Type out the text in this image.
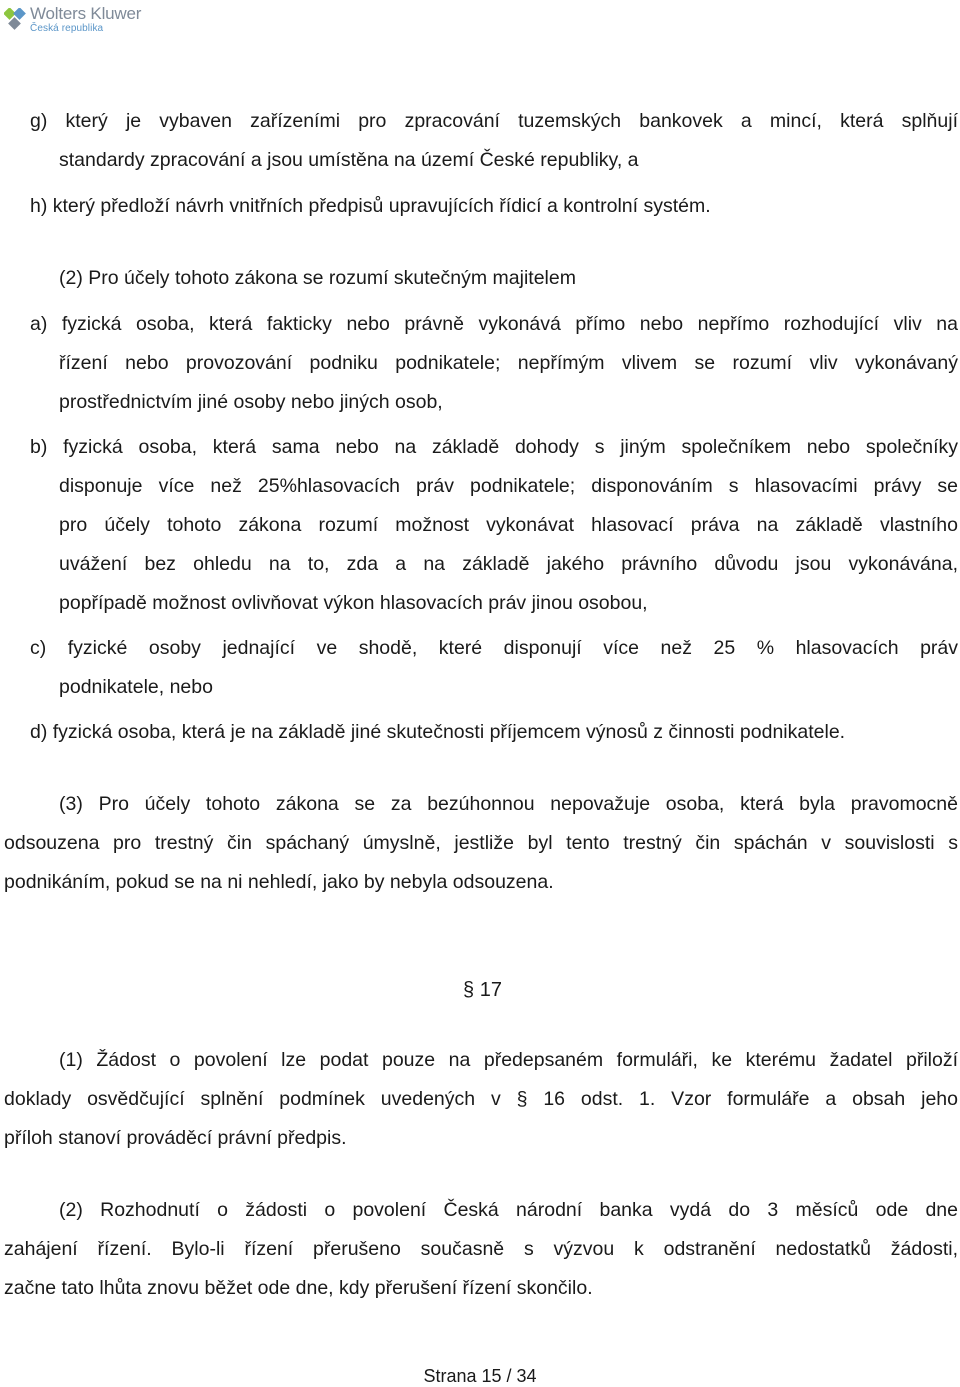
Wolters Kluwer
Česká republika
g) který je vybaven zařízeními pro zpracování tuzemských bankovek a mincí, která splňují
standardy zpracování a jsou umístěna na území České republiky, a
h) který předloží návrh vnitřních předpisů upravujících řídicí a kontrolní systém.
(2) Pro účely tohoto zákona se rozumí skutečným majitelem
a) fyzická osoba, která fakticky nebo právně vykonává přímo nebo nepřímo rozhodující vliv na
řízení nebo provozování podniku podnikatele; nepřímým vlivem se rozumí vliv vykonávaný
prostřednictvím jiné osoby nebo jiných osob,
b) fyzická osoba, která sama nebo na základě dohody s jiným společníkem nebo společníky
disponuje více než 25%hlasovacích práv podnikatele; disponováním s hlasovacími právy se
pro účely tohoto zákona rozumí možnost vykonávat hlasovací práva na základě vlastního
uvážení bez ohledu na to, zda a na základě jakého právního důvodu jsou vykonávána,
popřípadě možnost ovlivňovat výkon hlasovacích práv jinou osobou,
c) fyzické osoby jednající ve shodě, které disponují více než 25 % hlasovacích práv
podnikatele, nebo
d) fyzická osoba, která je na základě jiné skutečnosti příjemcem výnosů z činnosti podnikatele.
(3) Pro účely tohoto zákona se za bezúhonnou nepovažuje osoba, která byla pravomocně
odsouzena pro trestný čin spáchaný úmyslně, jestliže byl tento trestný čin spáchán v souvislosti s
podnikáním, pokud se na ni nehledí, jako by nebyla odsouzena.
§ 17
(1) Žádost o povolení lze podat pouze na předepsaném formuláři, ke kterému žadatel přiloží
doklady osvědčující splnění podmínek uvedených v § 16 odst. 1. Vzor formuláře a obsah jeho
příloh stanoví prováděcí právní předpis.
(2) Rozhodnutí o žádosti o povolení Česká národní banka vydá do 3 měsíců ode dne
zahájení řízení. Bylo-li řízení přerušeno současně s výzvou k odstranění nedostatků žádosti,
začne tato lhůta znovu běžet ode dne, kdy přerušení řízení skončilo.
Strana 15 / 34
